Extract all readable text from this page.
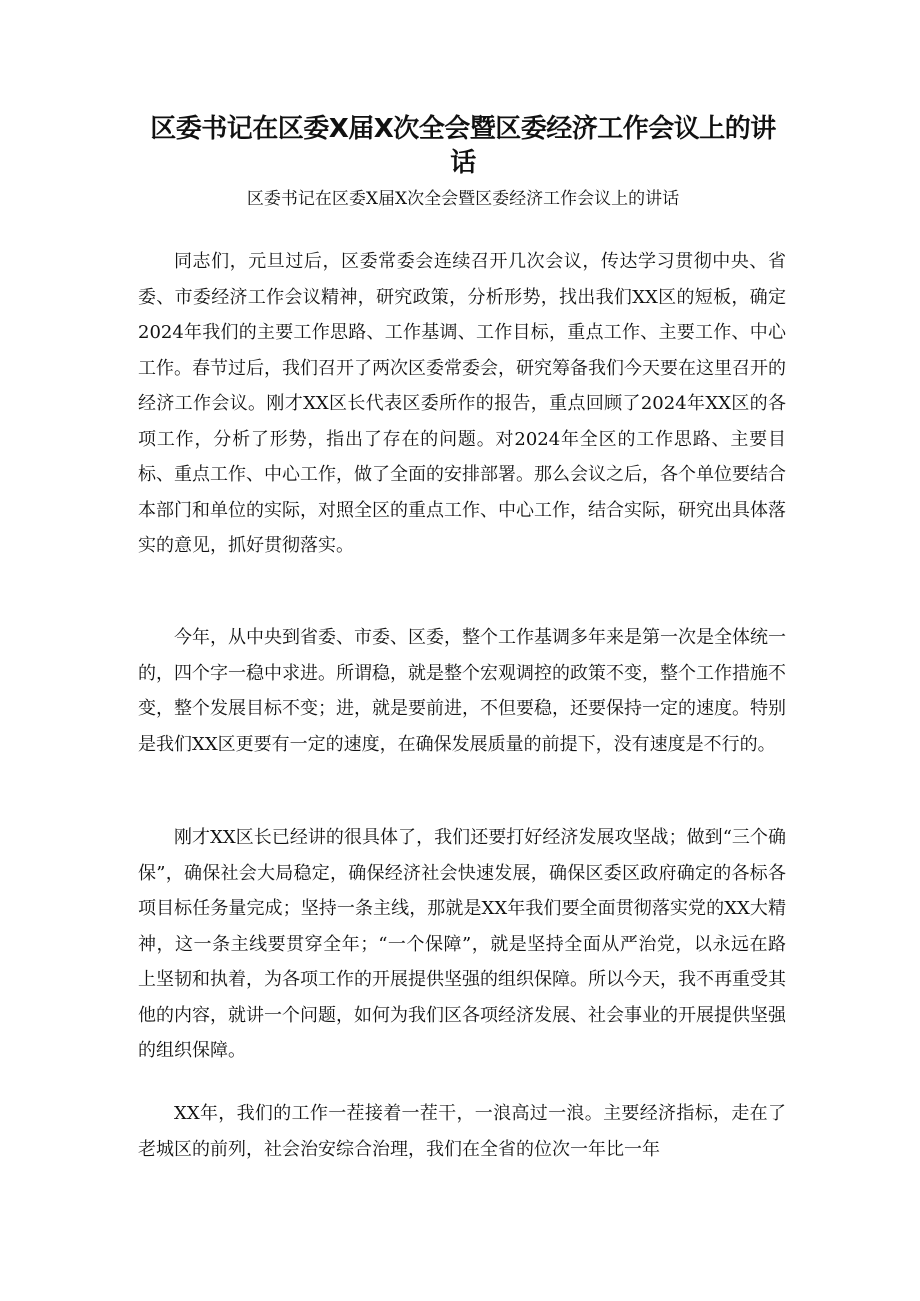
区委书记在区委X届X次全会暨区委经济工作会议上的讲话
区委书记在区委X届X次全会暨区委经济工作会议上的讲话

同志们，元旦过后，区委常委会连续召开几次会议，传达学习贯彻中央、省委、市委经济工作会议精神，研究政策，分析形势，找出我们XX区的短板，确定2024年我们的主要工作思路、工作基调、工作目标，重点工作、主要工作、中心工作。春节过后，我们召开了两次区委常委会，研究筹备我们今天要在这里召开的经济工作会议。刚才XX区长代表区委所作的报告，重点回顾了2024年XX区的各项工作，分析了形势，指出了存在的问题。对2024年全区的工作思路、主要目标、重点工作、中心工作，做了全面的安排部署。那么会议之后，各个单位要结合本部门和单位的实际，对照全区的重点工作、中心工作，结合实际，研究出具体落实的意见，抓好贯彻落实。

今年，从中央到省委、市委、区委，整个工作基调多年来是第一次是全体统一的，四个字一稳中求进。所谓稳，就是整个宏观调控的政策不变，整个工作措施不变，整个发展目标不变；进，就是要前进，不但要稳，还要保持一定的速度。特别是我们XX区更要有一定的速度，在确保发展质量的前提下，没有速度是不行的。

刚才XX区长已经讲的很具体了，我们还要打好经济发展攻坚战；做到“三个确保”，确保社会大局稳定，确保经济社会快速发展，确保区委区政府确定的各标各项目标任务量完成；坚持一条主线，那就是XX年我们要全面贯彻落实党的XX大精神，这一条主线要贯穿全年；“一个保障”，就是坚持全面从严治党，以永远在路上坚韧和执着，为各项工作的开展提供坚强的组织保障。所以今天，我不再重受其他的内容，就讲一个问题，如何为我们区各项经济发展、社会事业的开展提供坚强的组织保障。

XX年，我们的工作一茬接着一茬干，一浪高过一浪。主要经济指标，走在了老城区的前列，社会治安综合治理，我们在全省的位次一年比一年
